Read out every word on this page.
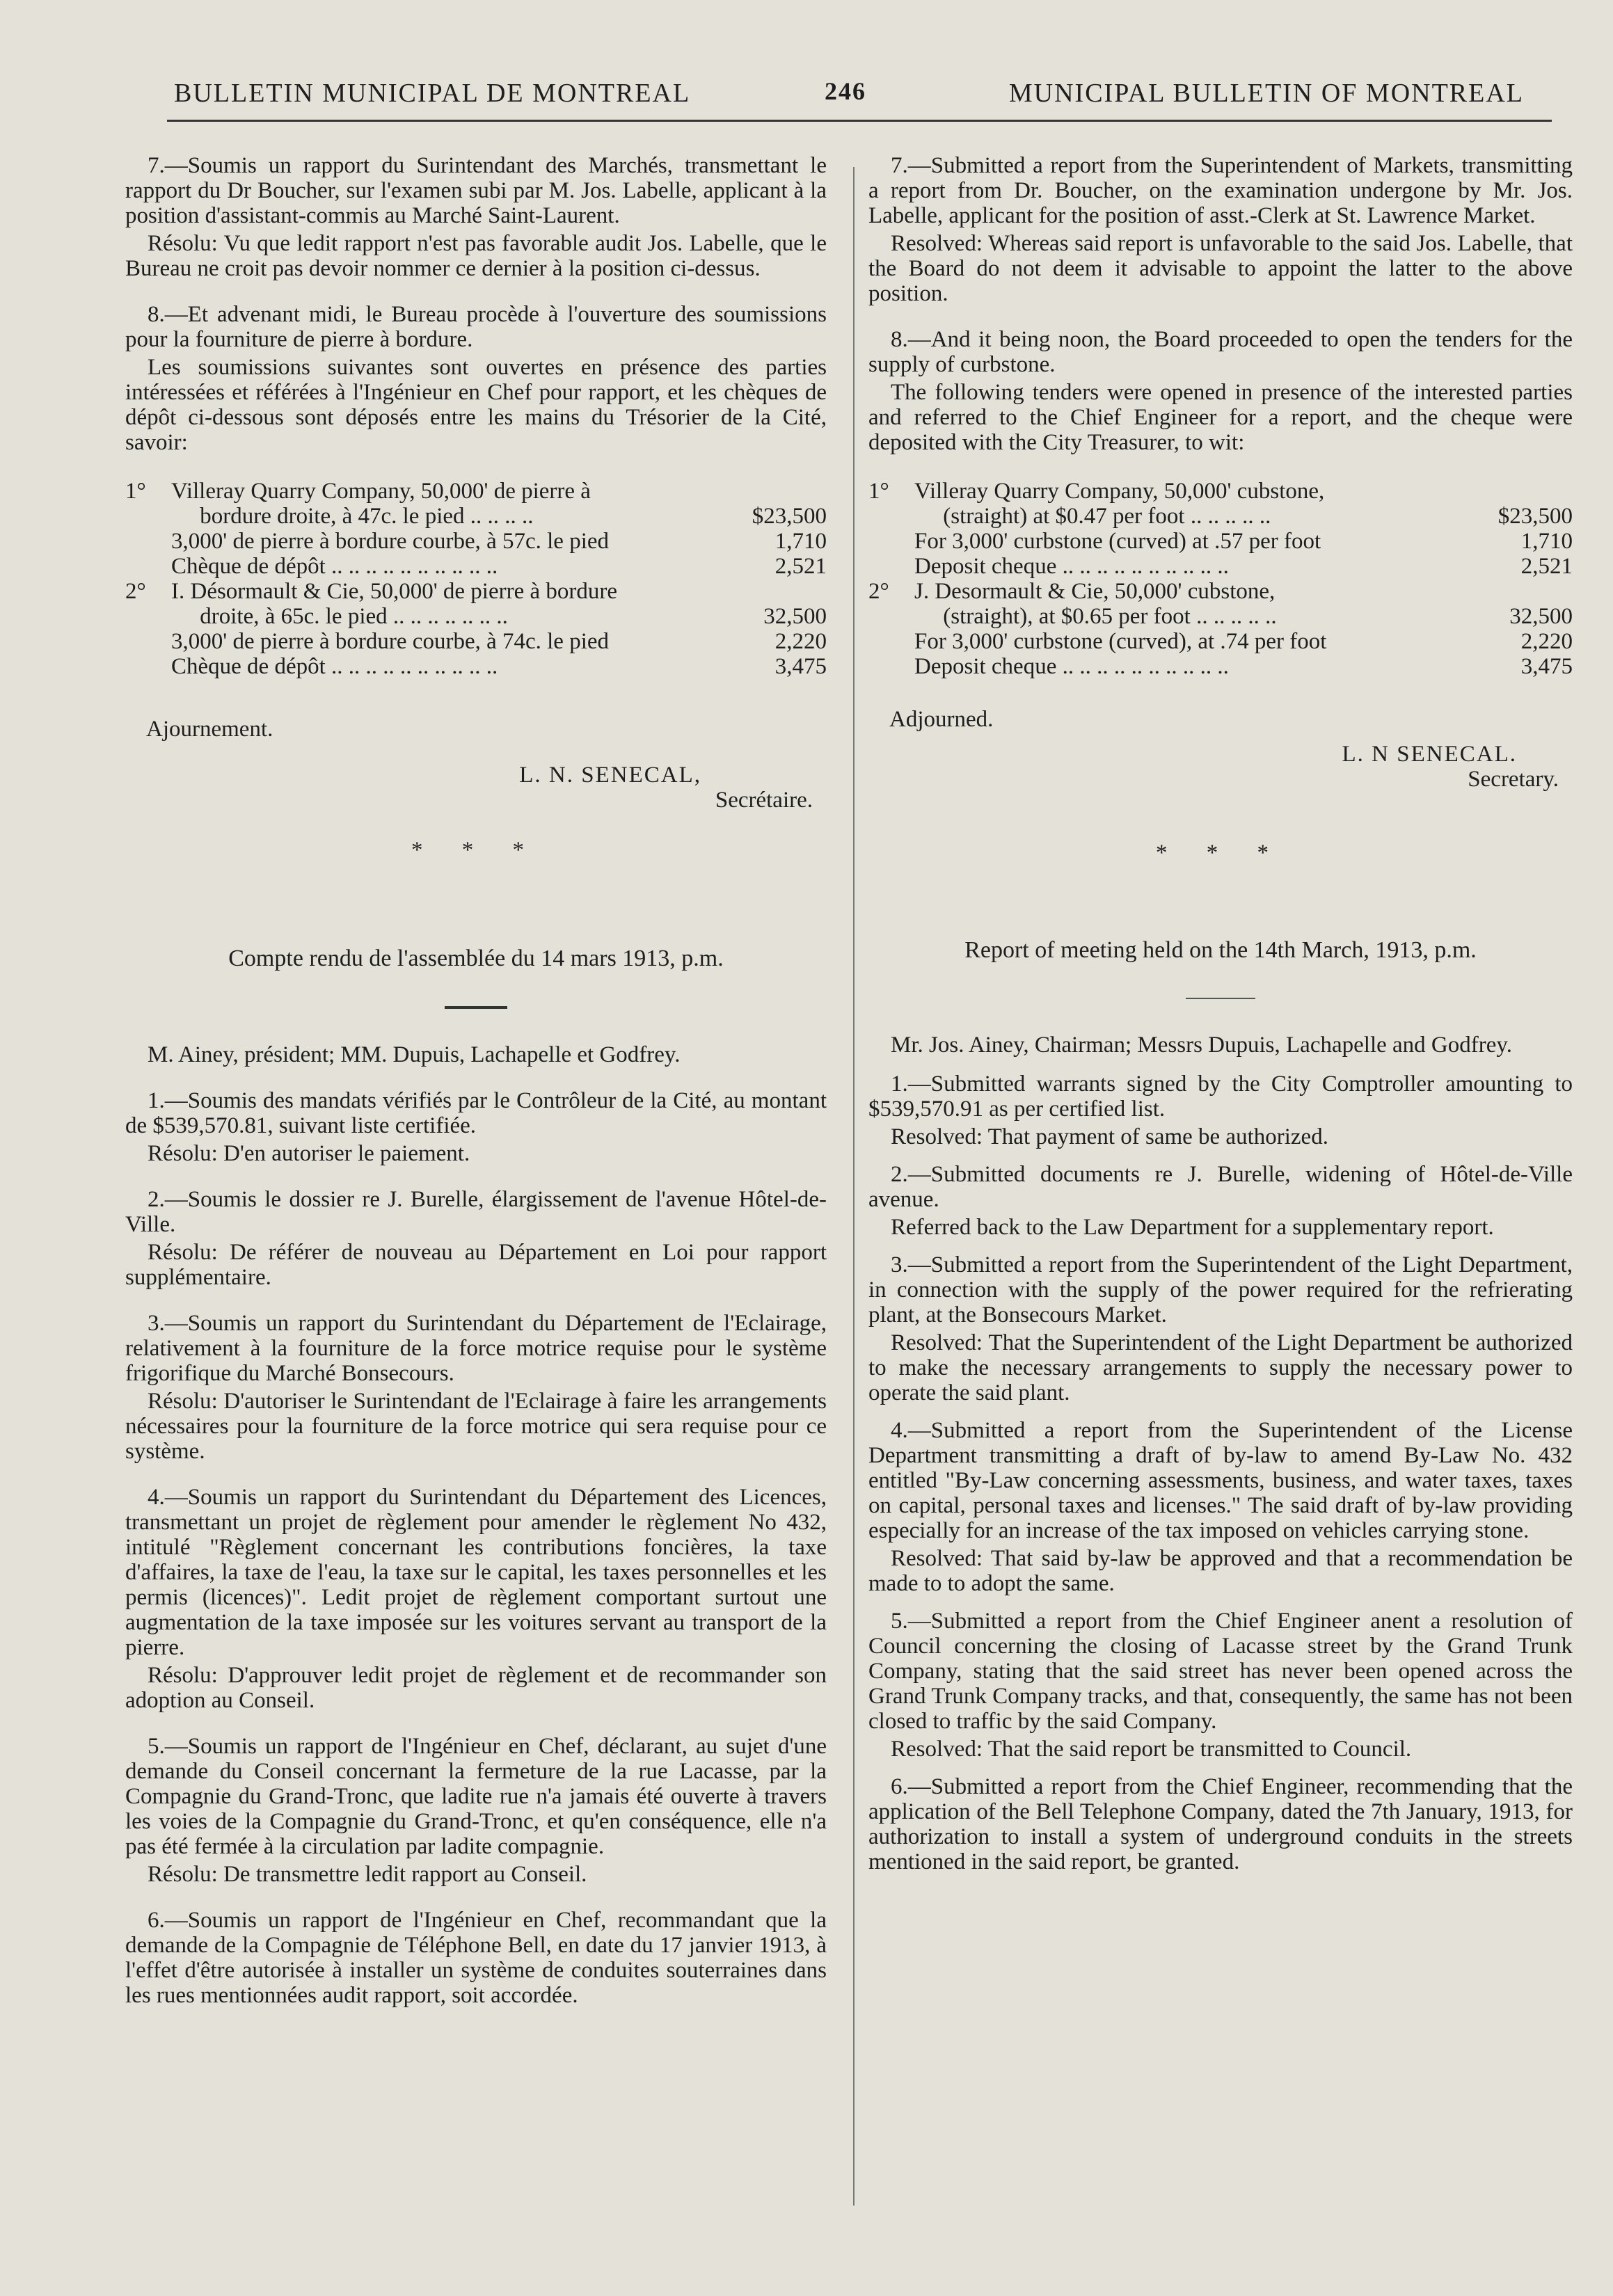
BULLETIN MUNICIPAL DE MONTREAL	246	MUNICIPAL BULLETIN OF MONTREAL

7.—Soumis un rapport du Surintendant des Marchés, transmettant le rapport du Dr Boucher, sur l'examen subi par M. Jos. Labelle, applicant à la position d'assistant-commis au Marché Saint-Laurent.

Résolu: Vu que ledit rapport n'est pas favorable audit Jos. Labelle, que le Bureau ne croit pas devoir nommer ce dernier à la position ci-dessus.

8.—Et advenant midi, le Bureau procède à l'ouverture des soumissions pour la fourniture de pierre à bordure.

Les soumissions suivantes sont ouvertes en présence des parties intéressées et référées à l'Ingénieur en Chef pour rapport, et les chèques de dépôt ci-dessous sont déposés entre les mains du Trésorier de la Cité, savoir:

1°	Villeray Quarry Company, 50,000' de pierre à
bordure droite, à 47c. le pied .. .. .. ..	$23,500
3,000' de pierre à bordure courbe, à 57c. le pied	1,710
Chèque de dépôt .. .. .. .. .. .. .. .. .. ..	2,521
2°	I. Désormault & Cie, 50,000' de pierre à bordure
droite, à 65c. le pied .. .. .. .. .. .. ..	32,500
3,000' de pierre à bordure courbe, à 74c. le pied	2,220
Chèque de dépôt .. .. .. .. .. .. .. .. .. ..	3,475
Ajournement.
L. N. SENECAL,
Secrétaire.
* * *
Compte rendu de l'assemblée du 14 mars 1913, p.m.

M. Ainey, président; MM. Dupuis, Lachapelle et Godfrey.

1.—Soumis des mandats vérifiés par le Contrôleur de la Cité, au montant de $539,570.81, suivant liste certifiée.

Résolu: D'en autoriser le paiement.

2.—Soumis le dossier re J. Burelle, élargissement de l'avenue Hôtel-de-Ville.

Résolu: De référer de nouveau au Département en Loi pour rapport supplémentaire.

3.—Soumis un rapport du Surintendant du Département de l'Eclairage, relativement à la fourniture de la force motrice requise pour le système frigorifique du Marché Bonsecours.

Résolu: D'autoriser le Surintendant de l'Eclairage à faire les arrangements nécessaires pour la fourniture de la force motrice qui sera requise pour ce système.

4.—Soumis un rapport du Surintendant du Département des Licences, transmettant un projet de règlement pour amender le règlement No 432, intitulé "Règlement concernant les contributions foncières, la taxe d'affaires, la taxe de l'eau, la taxe sur le capital, les taxes personnelles et les permis (licences)". Ledit projet de règlement comportant surtout une augmentation de la taxe imposée sur les voitures servant au transport de la pierre.

Résolu: D'approuver ledit projet de règlement et de recommander son adoption au Conseil.

5.—Soumis un rapport de l'Ingénieur en Chef, déclarant, au sujet d'une demande du Conseil concernant la fermeture de la rue Lacasse, par la Compagnie du Grand-Tronc, que ladite rue n'a jamais été ouverte à travers les voies de la Compagnie du Grand-Tronc, et qu'en conséquence, elle n'a pas été fermée à la circulation par ladite compagnie.

Résolu: De transmettre ledit rapport au Conseil.

6.—Soumis un rapport de l'Ingénieur en Chef, recommandant que la demande de la Compagnie de Téléphone Bell, en date du 17 janvier 1913, à l'effet d'être autorisée à installer un système de conduites souterraines dans les rues mentionnées audit rapport, soit accordée.

7.—Submitted a report from the Superintendent of Markets, transmitting a report from Dr. Boucher, on the examination undergone by Mr. Jos. Labelle, applicant for the position of asst.-Clerk at St. Lawrence Market.

Resolved: Whereas said report is unfavorable to the said Jos. Labelle, that the Board do not deem it advisable to appoint the latter to the above position.

8.—And it being noon, the Board proceeded to open the tenders for the supply of curbstone.

The following tenders were opened in presence of the interested parties and referred to the Chief Engineer for a report, and the cheque were deposited with the City Treasurer, to wit:

1°	Villeray Quarry Company, 50,000' cubstone,
(straight) at $0.47 per foot .. .. .. .. ..	$23,500
For 3,000' curbstone (curved) at .57 per foot	1,710
Deposit cheque .. .. .. .. .. .. .. .. .. ..	2,521
2°	J. Desormault & Cie, 50,000' cubstone,
(straight), at $0.65 per foot .. .. .. .. ..	32,500
For 3,000' curbstone (curved), at .74 per foot	2,220
Deposit cheque .. .. .. .. .. .. .. .. .. ..	3,475
Adjourned.
L. N SENECAL.
Secretary.
* * *
Report of meeting held on the 14th March, 1913, p.m.

Mr. Jos. Ainey, Chairman; Messrs Dupuis, Lachapelle and Godfrey.

1.—Submitted warrants signed by the City Comptroller amounting to $539,570.91 as per certified list.

Resolved: That payment of same be authorized.

2.—Submitted documents re J. Burelle, widening of Hôtel-de-Ville avenue.

Referred back to the Law Department for a supplementary report.

3.—Submitted a report from the Superintendent of the Light Department, in connection with the supply of the power required for the refrierating plant, at the Bonsecours Market.

Resolved: That the Superintendent of the Light Department be authorized to make the necessary arrangements to supply the necessary power to operate the said plant.

4.—Submitted a report from the Superintendent of the License Department transmitting a draft of by-law to amend By-Law No. 432 entitled "By-Law concerning assessments, business, and water taxes, taxes on capital, personal taxes and licenses." The said draft of by-law providing especially for an increase of the tax imposed on vehicles carrying stone.

Resolved: That said by-law be approved and that a recommendation be made to to adopt the same.

5.—Submitted a report from the Chief Engineer anent a resolution of Council concerning the closing of Lacasse street by the Grand Trunk Company, stating that the said street has never been opened across the Grand Trunk Company tracks, and that, consequently, the same has not been closed to traffic by the said Company.

Resolved: That the said report be transmitted to Council.

6.—Submitted a report from the Chief Engineer, recommending that the application of the Bell Telephone Company, dated the 7th January, 1913, for authorization to install a system of underground conduits in the streets mentioned in the said report, be granted.
